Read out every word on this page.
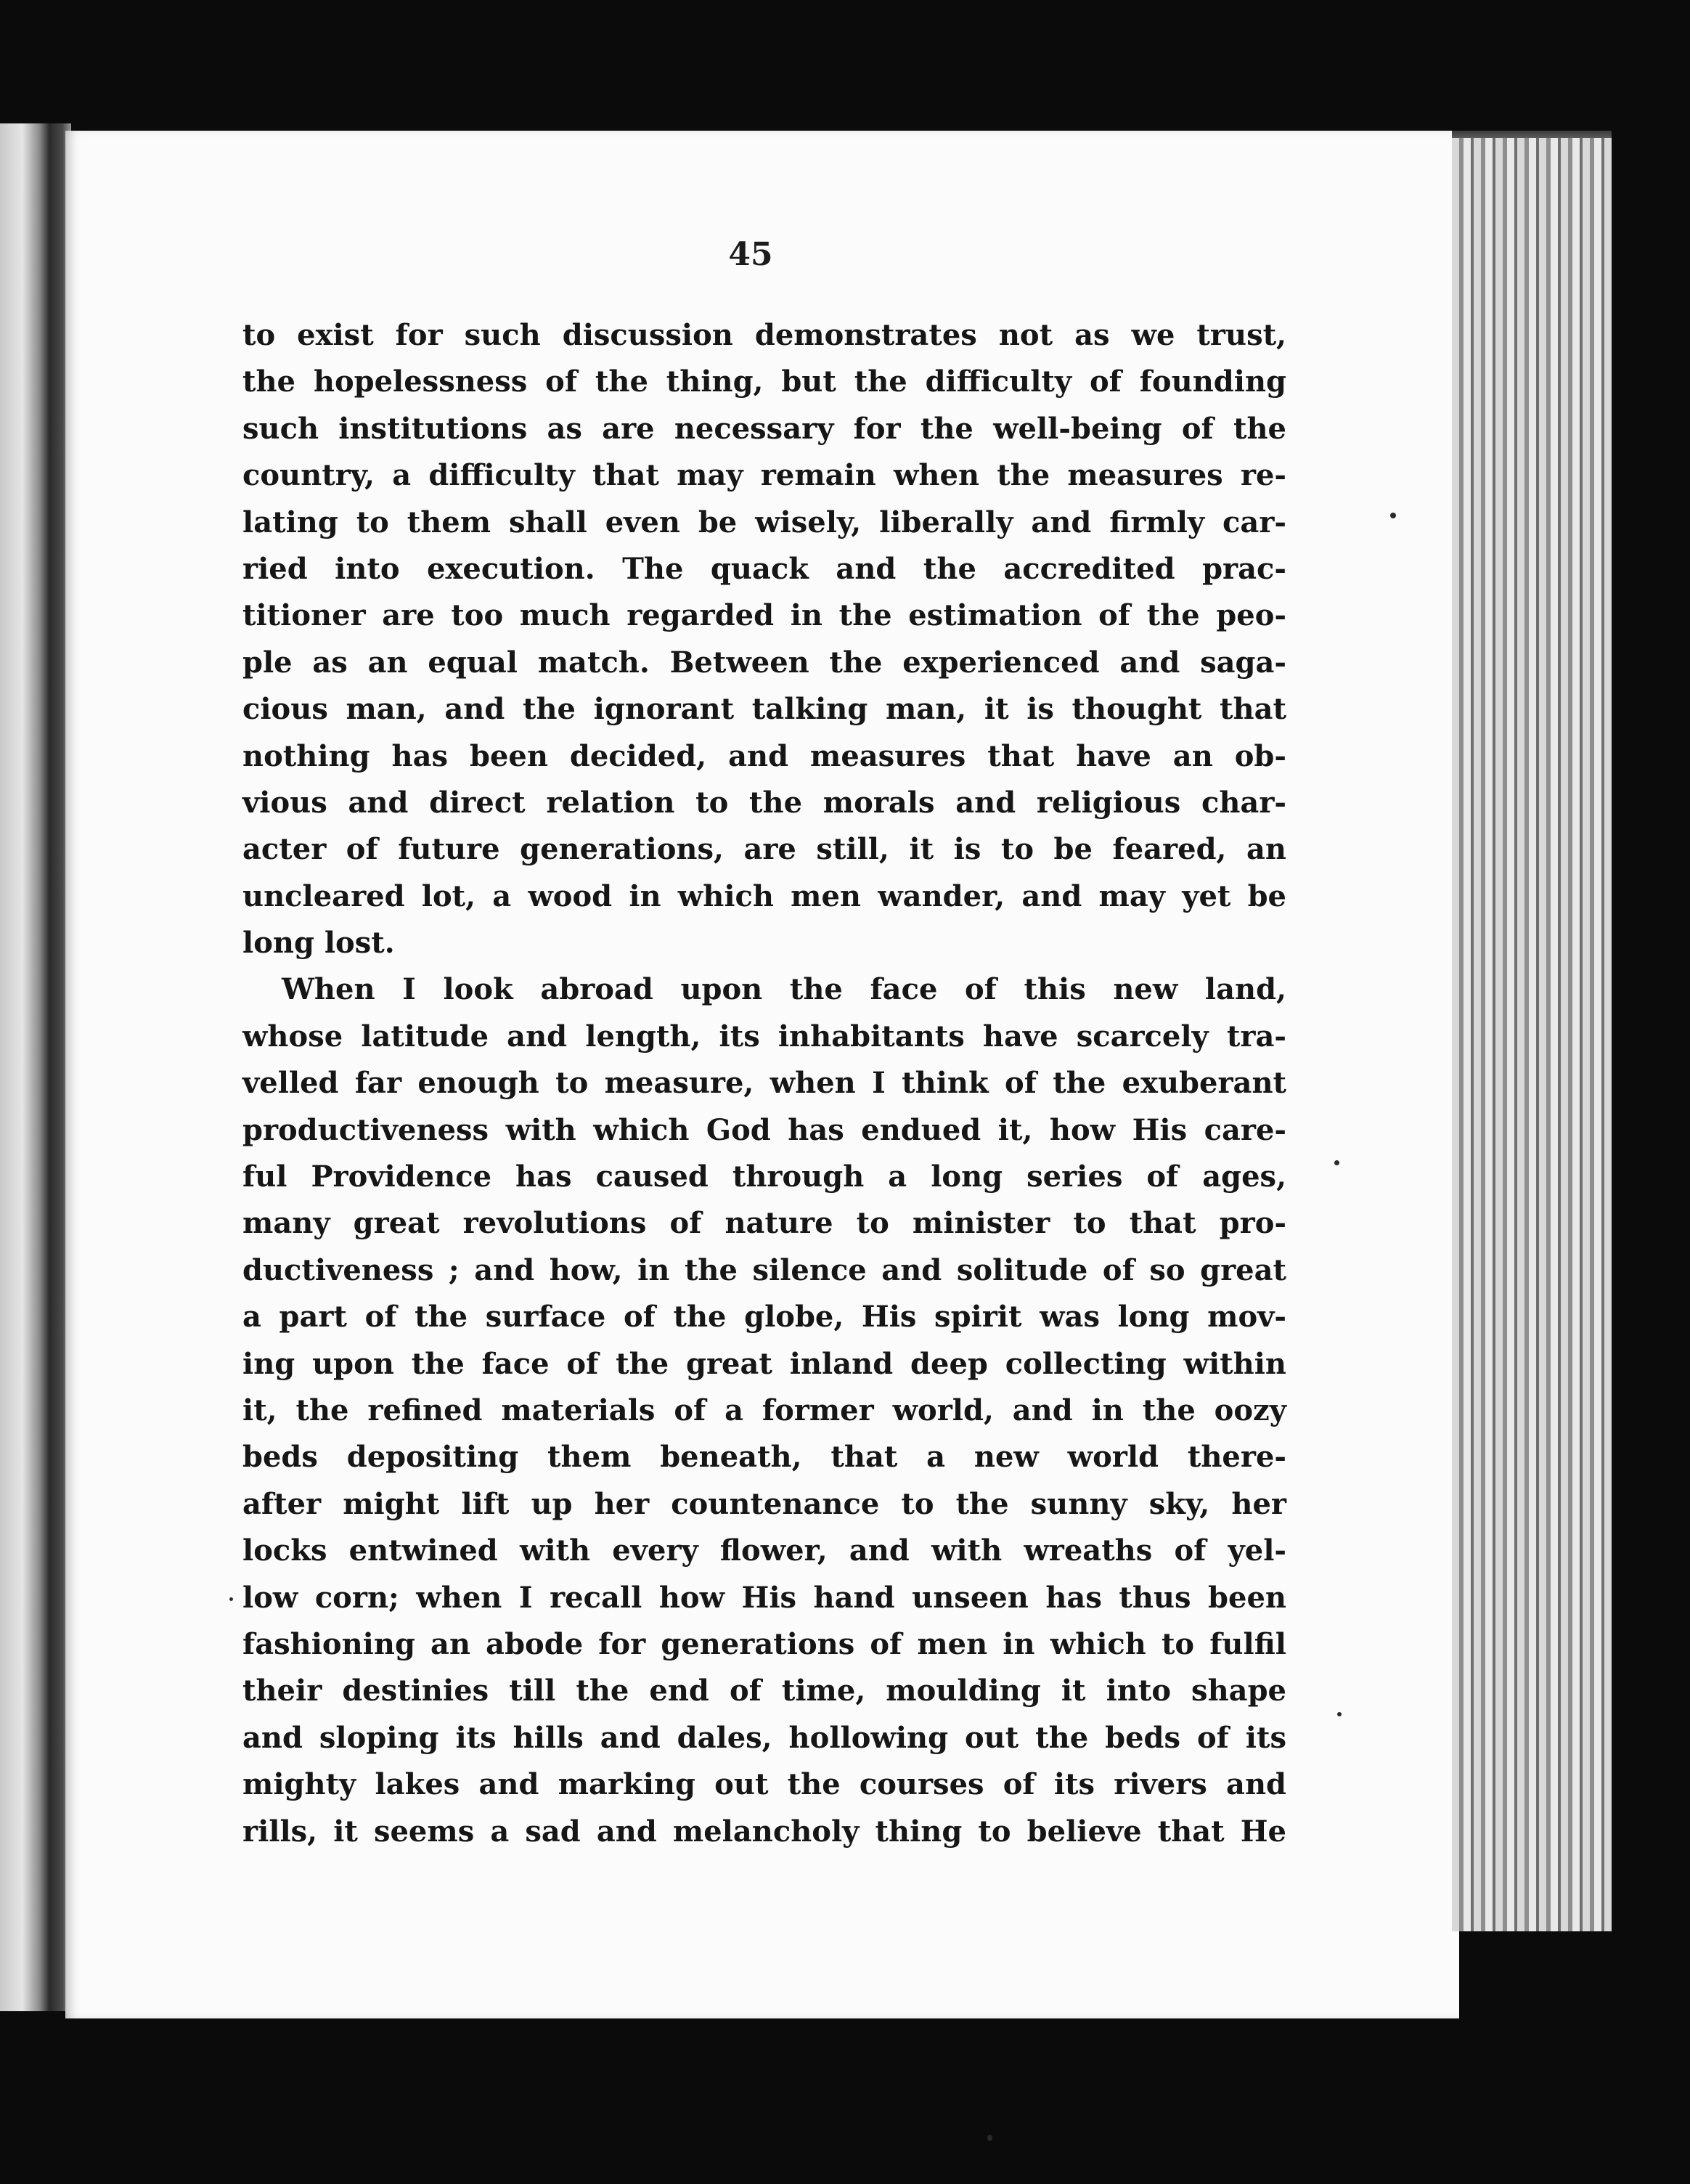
45
to exist for such discussion demonstrates not as we trust,
the hopelessness of the thing, but the difficulty of founding
such institutions as are necessary for the well-being of the
country, a difficulty that may remain when the measures re-
lating to them shall even be wisely, liberally and firmly car-
ried into execution. The quack and the accredited prac-
titioner are too much regarded in the estimation of the peo-
ple as an equal match. Between the experienced and saga-
cious man, and the ignorant talking man, it is thought that
nothing has been decided, and measures that have an ob-
vious and direct relation to the morals and religious char-
acter of future generations, are still, it is to be feared, an
uncleared lot, a wood in which men wander, and may yet be
long lost.
When I look abroad upon the face of this new land,
whose latitude and length, its inhabitants have scarcely tra-
velled far enough to measure, when I think of the exuberant
productiveness with which God has endued it, how His care-
ful Providence has caused through a long series of ages,
many great revolutions of nature to minister to that pro-
ductiveness ; and how, in the silence and solitude of so great
a part of the surface of the globe, His spirit was long mov-
ing upon the face of the great inland deep collecting within
it, the refined materials of a former world, and in the oozy
beds depositing them beneath, that a new world there-
after might lift up her countenance to the sunny sky, her
locks entwined with every flower, and with wreaths of yel-
low corn; when I recall how His hand unseen has thus been
fashioning an abode for generations of men in which to fulfil
their destinies till the end of time, moulding it into shape
and sloping its hills and dales, hollowing out the beds of its
mighty lakes and marking out the courses of its rivers and
rills, it seems a sad and melancholy thing to believe that He
